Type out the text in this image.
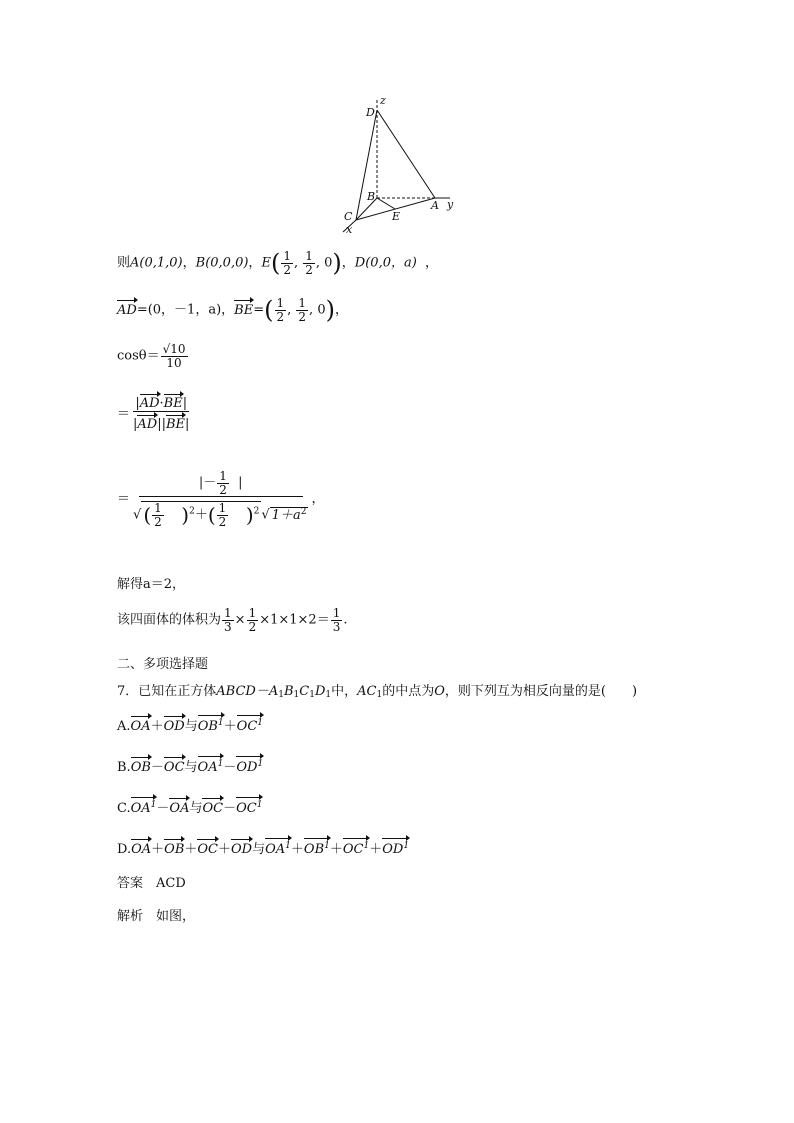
D
z
B
C
x
E
A y
则A(0,1,0)，B(0,0,0)，$E( \frac{1}{2}$ , $\frac{1}{2}$ , 0)，D(0,0，a)  ，
AD=(0，－1，a)，$BE=( \frac{1}{2}$ , $\frac{1}{2}$ , 0)，
$\cos\theta= \frac{√10}{10}$
＝ $\frac{|AD\cdot BE|}{|AD||BE|}$
＝ $\frac{|- \frac{1}{2} |}{√ ( \frac{1}{2} )^2+( \frac{1}{2} )^2 √ 1+a^2}$ ，
解得a＝2，
该四面体的体积为 $\frac{1}{3} \times \frac{1}{2} \times 1\times 1\times 2= \frac{1}{3}$ .
二、多项选择题
7．已知在正方体$ABCD-A_1B_1C_1D_1$中，$AC_1$的中点为O，则下列互为相反向量的是(　　)
A.OA＋OD与$OB^1+OC^1$
B.OB－OC与$OA^1-OD^1$
$C.OA^1-OA$与$OC-OC^1$
D.OA＋OB＋OC＋OD与$OA^1+OB^1+OC^1+OD^1$
答案　ACD
解析　如图，
